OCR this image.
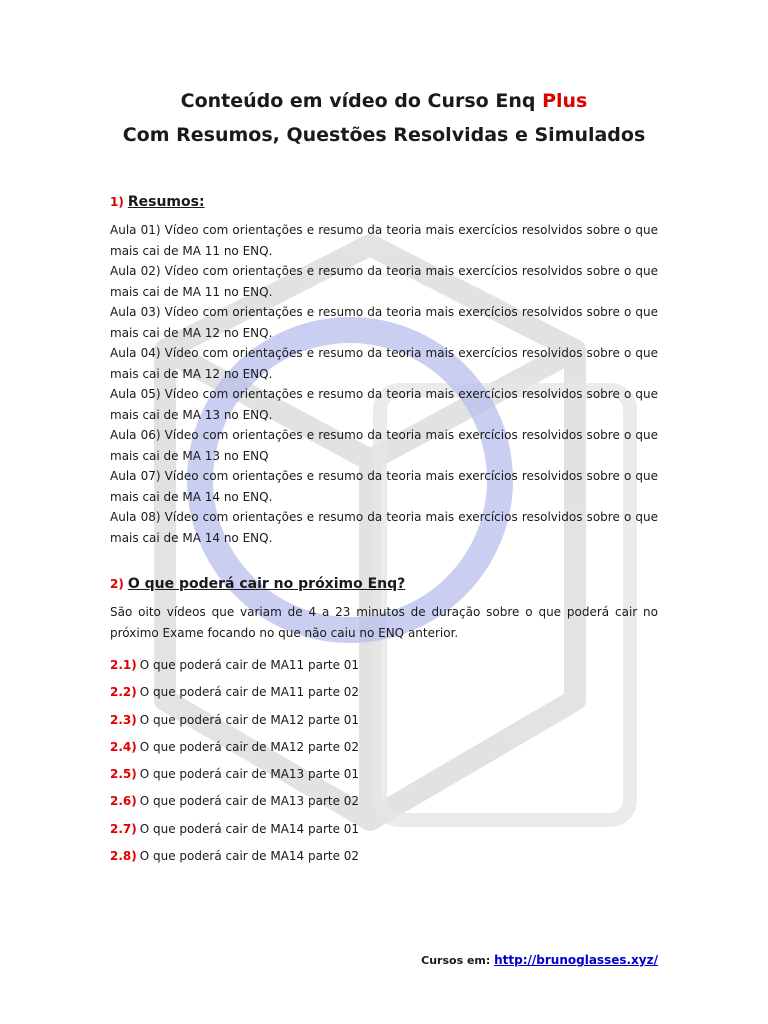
Conteúdo em vídeo do Curso Enq Plus

Com Resumos, Questões Resolvidas e Simulados

1) Resumos:

Aula 01) Vídeo com orientações e resumo da teoria mais exercícios resolvidos sobre o que mais cai de MA 11 no ENQ.

Aula 02) Vídeo com orientações e resumo da teoria mais exercícios resolvidos sobre o que mais cai de MA 11 no ENQ.

Aula 03) Vídeo com orientações e resumo da teoria mais exercícios resolvidos sobre o que mais cai de MA 12 no ENQ.

Aula 04) Vídeo com orientações e resumo da teoria mais exercícios resolvidos sobre o que mais cai de MA 12 no ENQ.

Aula 05) Vídeo com orientações e resumo da teoria mais exercícios resolvidos sobre o que mais cai de MA 13 no ENQ.

Aula 06) Vídeo com orientações e resumo da teoria mais exercícios resolvidos sobre o que mais cai de MA 13 no ENQ

Aula 07) Vídeo com orientações e resumo da teoria mais exercícios resolvidos sobre o que mais cai de MA 14 no ENQ.

Aula 08) Vídeo com orientações e resumo da teoria mais exercícios resolvidos sobre o que mais cai de MA 14 no ENQ.

2) O que poderá cair no próximo Enq?

São oito vídeos que variam de 4 a 23 minutos de duração sobre o que poderá cair no próximo Exame focando no que não caiu no ENQ anterior.

2.1) O que poderá cair de MA11 parte 01

2.2) O que poderá cair de MA11 parte 02

2.3) O que poderá cair de MA12 parte 01

2.4) O que poderá cair de MA12 parte 02

2.5) O que poderá cair de MA13 parte 01

2.6) O que poderá cair de MA13 parte 02

2.7) O que poderá cair de MA14 parte 01

2.8) O que poderá cair de MA14 parte 02

Cursos em: http://brunoglasses.xyz/
